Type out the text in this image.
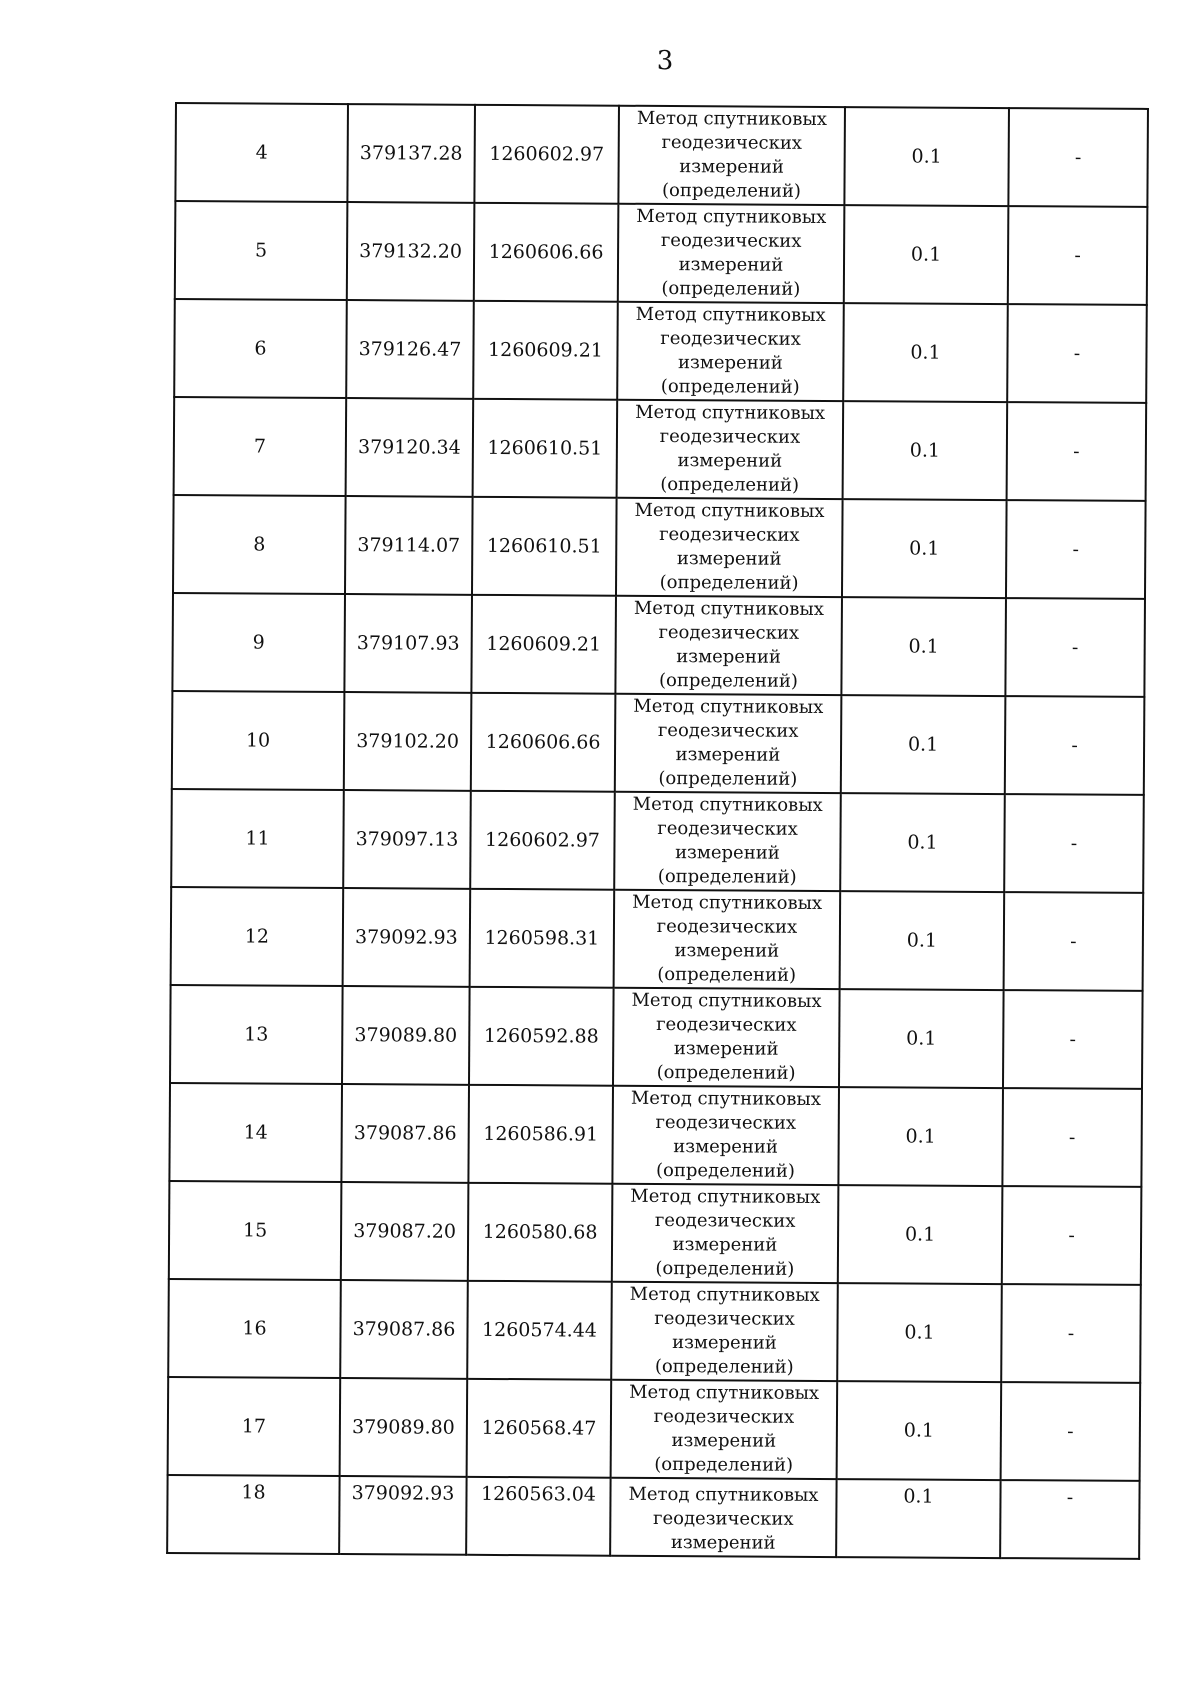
3
4	379137.28	1260602.97	Метод спутниковых
геодезических
измерений
(определений)	0.1	-
5	379132.20	1260606.66	Метод спутниковых
геодезических
измерений
(определений)	0.1	-
6	379126.47	1260609.21	Метод спутниковых
геодезических
измерений
(определений)	0.1	-
7	379120.34	1260610.51	Метод спутниковых
геодезических
измерений
(определений)	0.1	-
8	379114.07	1260610.51	Метод спутниковых
геодезических
измерений
(определений)	0.1	-
9	379107.93	1260609.21	Метод спутниковых
геодезических
измерений
(определений)	0.1	-
10	379102.20	1260606.66	Метод спутниковых
геодезических
измерений
(определений)	0.1	-
11	379097.13	1260602.97	Метод спутниковых
геодезических
измерений
(определений)	0.1	-
12	379092.93	1260598.31	Метод спутниковых
геодезических
измерений
(определений)	0.1	-
13	379089.80	1260592.88	Метод спутниковых
геодезических
измерений
(определений)	0.1	-
14	379087.86	1260586.91	Метод спутниковых
геодезических
измерений
(определений)	0.1	-
15	379087.20	1260580.68	Метод спутниковых
геодезических
измерений
(определений)	0.1	-
16	379087.86	1260574.44	Метод спутниковых
геодезических
измерений
(определений)	0.1	-
17	379089.80	1260568.47	Метод спутниковых
геодезических
измерений
(определений)	0.1	-
18	379092.93	1260563.04	Метод спутниковых
геодезических
измерений	0.1	-
